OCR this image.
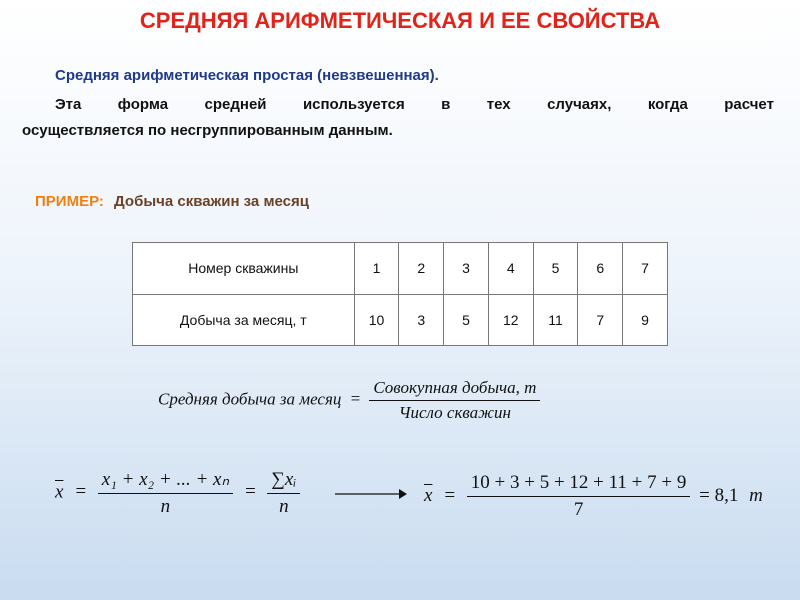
СРЕДНЯЯ АРИФМЕТИЧЕСКАЯ И ЕЕ СВОЙСТВА
Средняя арифметическая простая (невзвешенная).
Эта форма средней используется в тех случаях, когда расчет
осуществляется по несгруппированным данным.
ПРИМЕР: Добыча скважин за месяц
Номер скважины	1	2	3	4	5	6	7
Добыча за месяц, т	10	3	5	12	11	7	9
Средняя добыча за месяц = $\frac{\text{Совокупная добыча, т}}{\text{Число скважин}}$
$\overline{x} = \frac{\text{x₁ + x₂ + ... + xₙ}}{n} = \frac{\text{∑xᵢ}}{n}$	$\overline{x} = \frac{10 + 3 + 5 + 12 + 11 + 7 + 9}{7} = 8,1$ т
